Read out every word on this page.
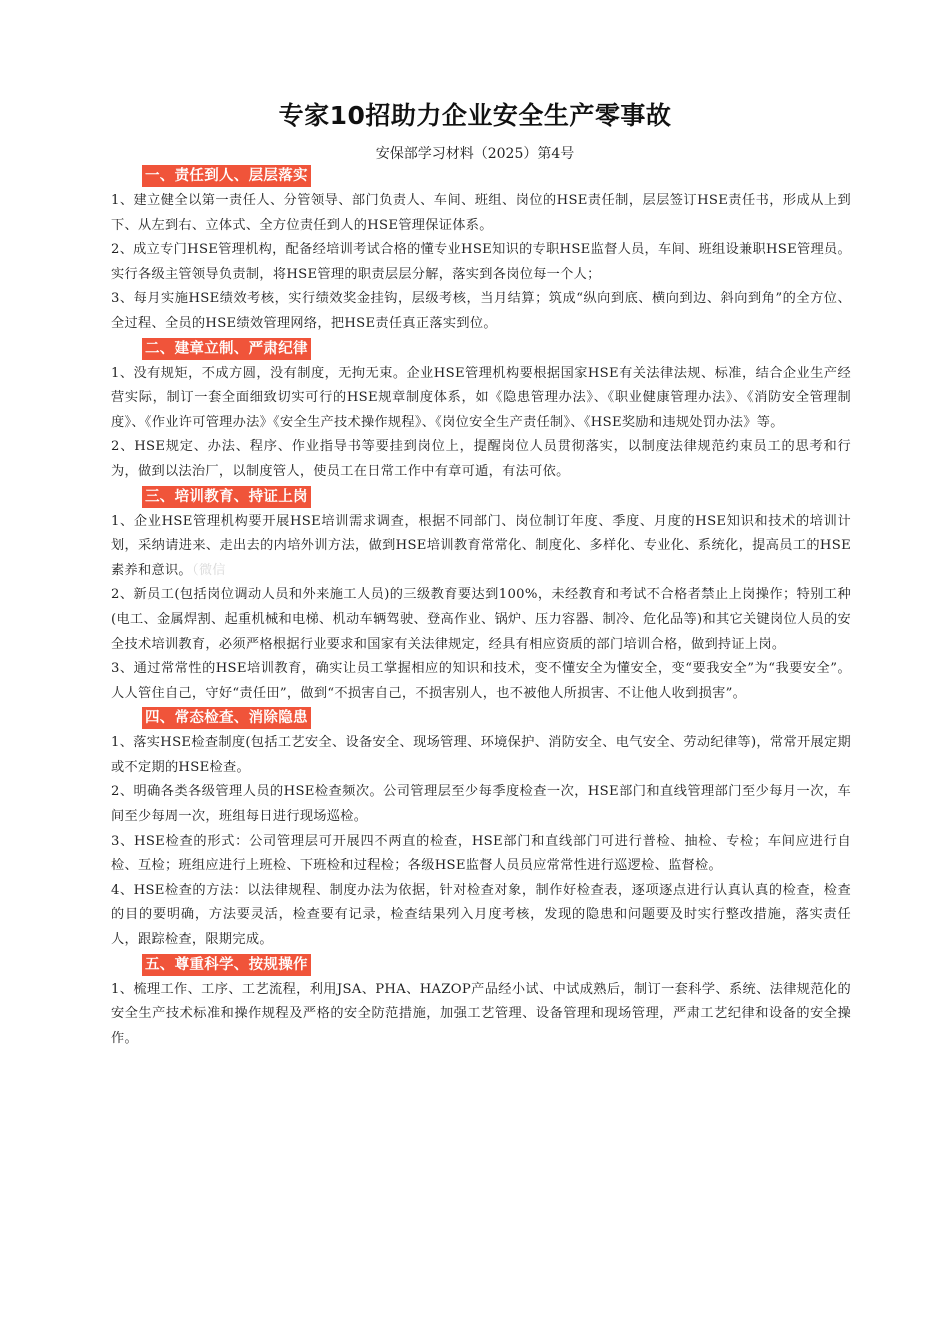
专家10招助力企业安全生产零事故
安保部学习材料（2025）第4号
一、责任到人、层层落实
1、建立健全以第一责任人、分管领导、部门负责人、车间、班组、岗位的HSE责任制，层层签订HSE责任书，形成从上到下、从左到右、立体式、全方位责任到人的HSE管理保证体系。
2、成立专门HSE管理机构，配备经培训考试合格的懂专业HSE知识的专职HSE监督人员，车间、班组设兼职HSE管理员。实行各级主管领导负责制，将HSE管理的职责层层分解，落实到各岗位每一个人；
3、每月实施HSE绩效考核，实行绩效奖金挂钩，层级考核，当月结算；筑成“纵向到底、横向到边、斜向到角”的全方位、全过程、全员的HSE绩效管理网络，把HSE责任真正落实到位。
二、建章立制、严肃纪律
1、没有规矩，不成方圆，没有制度，无拘无束。企业HSE管理机构要根据国家HSE有关法律法规、标准，结合企业生产经营实际，制订一套全面细致切实可行的HSE规章制度体系，如《隐患管理办法》、《职业健康管理办法》、《消防安全管理制度》、《作业许可管理办法》《安全生产技术操作规程》、《岗位安全生产责任制》、《HSE奖励和违规处罚办法》等。
2、HSE规定、办法、程序、作业指导书等要挂到岗位上，提醒岗位人员贯彻落实，以制度法律规范约束员工的思考和行为，做到以法治厂，以制度管人，使员工在日常工作中有章可遁，有法可依。
三、培训教育、持证上岗
1、企业HSE管理机构要开展HSE培训需求调查，根据不同部门、岗位制订年度、季度、月度的HSE知识和技术的培训计划，采纳请进来、走出去的内培外训方法，做到HSE培训教育常常化、制度化、多样化、专业化、系统化，提高员工的HSE素养和意识。（微信
2、新员工(包括岗位调动人员和外来施工人员)的三级教育要达到100%，未经教育和考试不合格者禁止上岗操作；特别工种(电工、金属焊割、起重机械和电梯、机动车辆驾驶、登高作业、锅炉、压力容器、制冷、危化品等)和其它关键岗位人员的安全技术培训教育，必须严格根据行业要求和国家有关法律规定，经具有相应资质的部门培训合格，做到持证上岗。
3、通过常常性的HSE培训教育，确实让员工掌握相应的知识和技术，变不懂安全为懂安全，变“要我安全”为“我要安全”。人人管住自己，守好“责任田”，做到“不损害自己，不损害别人，也不被他人所损害、不让他人收到损害”。
四、常态检查、消除隐患
1、落实HSE检查制度(包括工艺安全、设备安全、现场管理、环境保护、消防安全、电气安全、劳动纪律等)，常常开展定期或不定期的HSE检查。
2、明确各类各级管理人员的HSE检查频次。公司管理层至少每季度检查一次，HSE部门和直线管理部门至少每月一次，车间至少每周一次，班组每日进行现场巡检。
3、HSE检查的形式：公司管理层可开展四不两直的检查，HSE部门和直线部门可进行普检、抽检、专检；车间应进行自检、互检；班组应进行上班检、下班检和过程检；各级HSE监督人员员应常常性进行巡逻检、监督检。
4、HSE检查的方法：以法律规程、制度办法为依据，针对检查对象，制作好检查表，逐项逐点进行认真认真的检查，检查的目的要明确，方法要灵活，检查要有记录，检查结果列入月度考核，发现的隐患和问题要及时实行整改措施，落实责任人，跟踪检查，限期完成。
五、尊重科学、按规操作
1、梳理工作、工序、工艺流程，利用JSA、PHA、HAZOP产品经小试、中试成熟后，制订一套科学、系统、法律规范化的安全生产技术标准和操作规程及严格的安全防范措施，加强工艺管理、设备管理和现场管理，严肃工艺纪律和设备的安全操作。
